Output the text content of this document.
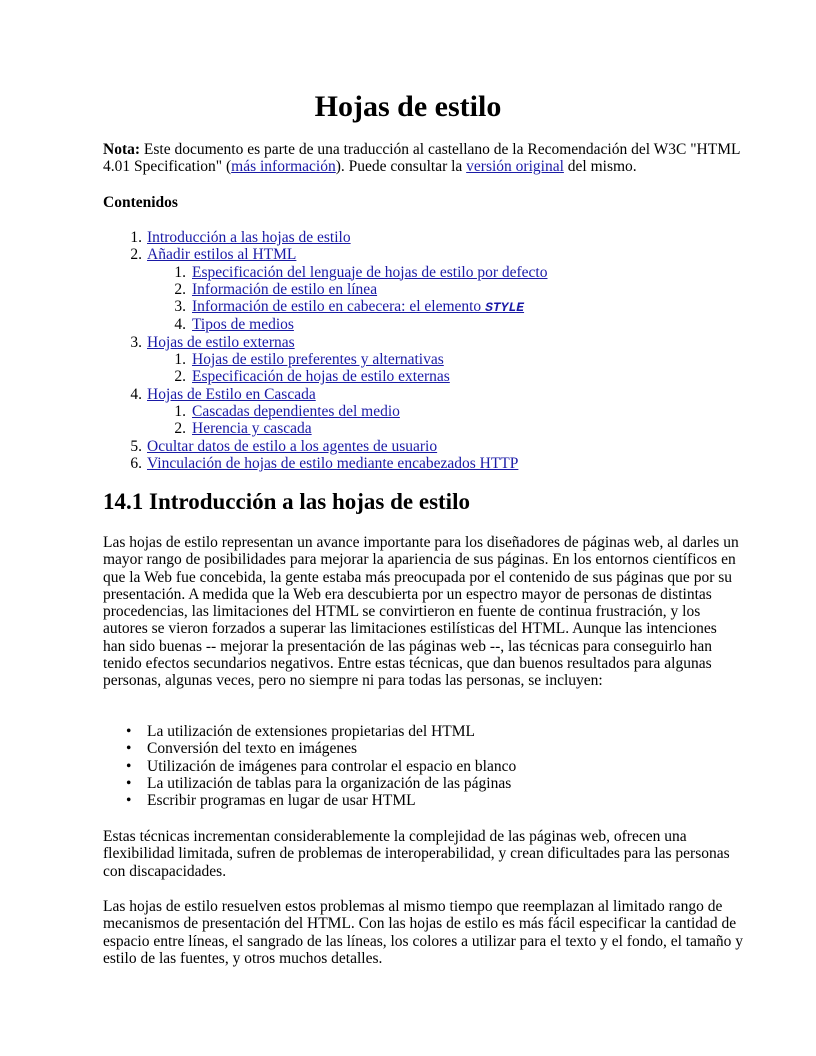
Hojas de estilo
Nota: Este documento es parte de una traducción al castellano de la Recomendación del W3C "HTML 4.01 Specification" (más información). Puede consultar la versión original del mismo.
Contenidos
1. Introducción a las hojas de estilo
2. Añadir estilos al HTML
1. Especificación del lenguaje de hojas de estilo por defecto
2. Información de estilo en línea
3. Información de estilo en cabecera: el elemento STYLE
4. Tipos de medios
3. Hojas de estilo externas
1. Hojas de estilo preferentes y alternativas
2. Especificación de hojas de estilo externas
4. Hojas de Estilo en Cascada
1. Cascadas dependientes del medio
2. Herencia y cascada
5. Ocultar datos de estilo a los agentes de usuario
6. Vinculación de hojas de estilo mediante encabezados HTTP
14.1 Introducción a las hojas de estilo

Las hojas de estilo representan un avance importante para los diseñadores de páginas web, al darles un mayor rango de posibilidades para mejorar la apariencia de sus páginas. En los entornos científicos en que la Web fue concebida, la gente estaba más preocupada por el contenido de sus páginas que por su presentación. A medida que la Web era descubierta por un espectro mayor de personas de distintas procedencias, las limitaciones del HTML se convirtieron en fuente de continua frustración, y los autores se vieron forzados a superar las limitaciones estilísticas del HTML. Aunque las intenciones han sido buenas -- mejorar la presentación de las páginas web --, las técnicas para conseguirlo han tenido efectos secundarios negativos. Entre estas técnicas, que dan buenos resultados para algunas personas, algunas veces, pero no siempre ni para todas las personas, se incluyen:

• La utilización de extensiones propietarias del HTML
• Conversión del texto en imágenes
• Utilización de imágenes para controlar el espacio en blanco
• La utilización de tablas para la organización de las páginas
• Escribir programas en lugar de usar HTML

Estas técnicas incrementan considerablemente la complejidad de las páginas web, ofrecen una flexibilidad limitada, sufren de problemas de interoperabilidad, y crean dificultades para las personas con discapacidades.

Las hojas de estilo resuelven estos problemas al mismo tiempo que reemplazan al limitado rango de mecanismos de presentación del HTML. Con las hojas de estilo es más fácil especificar la cantidad de espacio entre líneas, el sangrado de las líneas, los colores a utilizar para el texto y el fondo, el tamaño y estilo de las fuentes, y otros muchos detalles.
